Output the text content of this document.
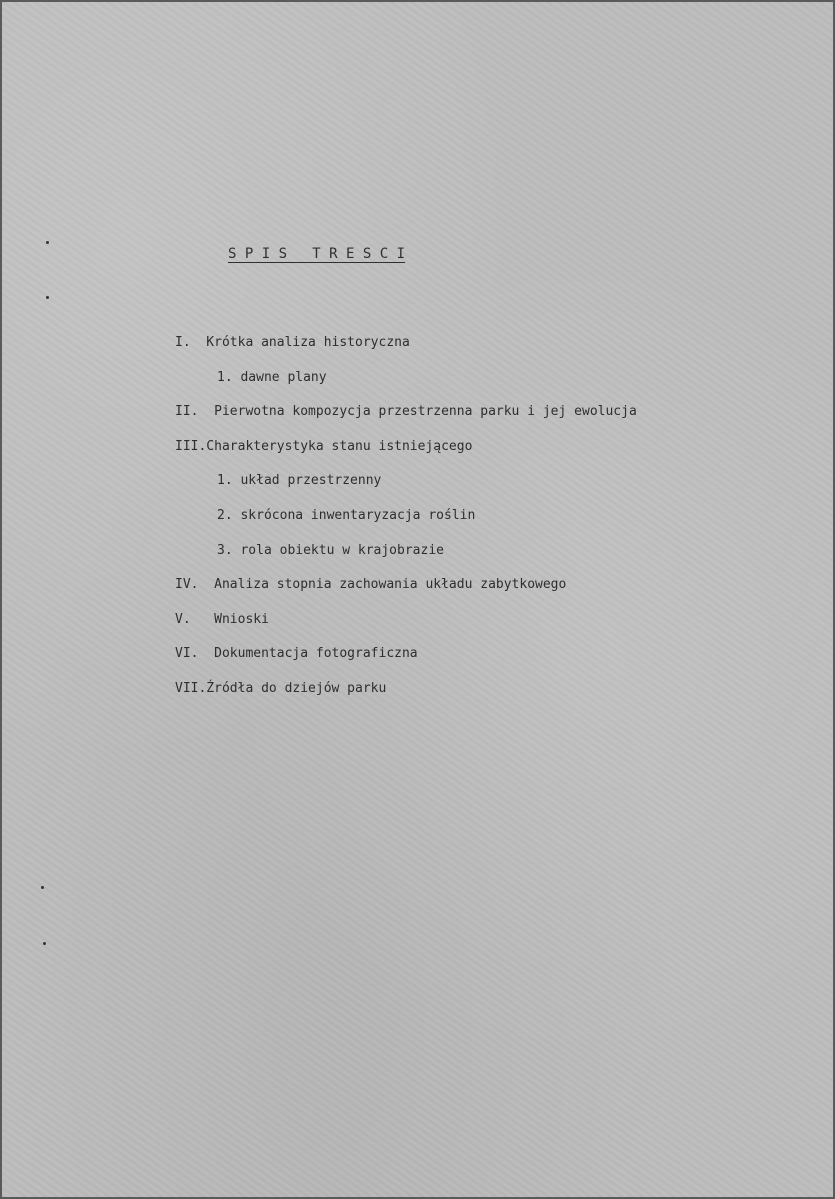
S P I S   T R E S C I
I.  Krótka analiza historyczna
1. dawne plany
II.  Pierwotna kompozycja przestrzenna parku i jej ewolucja
III.Charakterystyka stanu istniejącego
1. układ przestrzenny
2. skrócona inwentaryzacja roślin
3. rola obiektu w krajobrazie
IV.  Analiza stopnia zachowania układu zabytkowego
V.   Wnioski
VI.  Dokumentacja fotograficzna
VII.Źródła do dziejów parku
